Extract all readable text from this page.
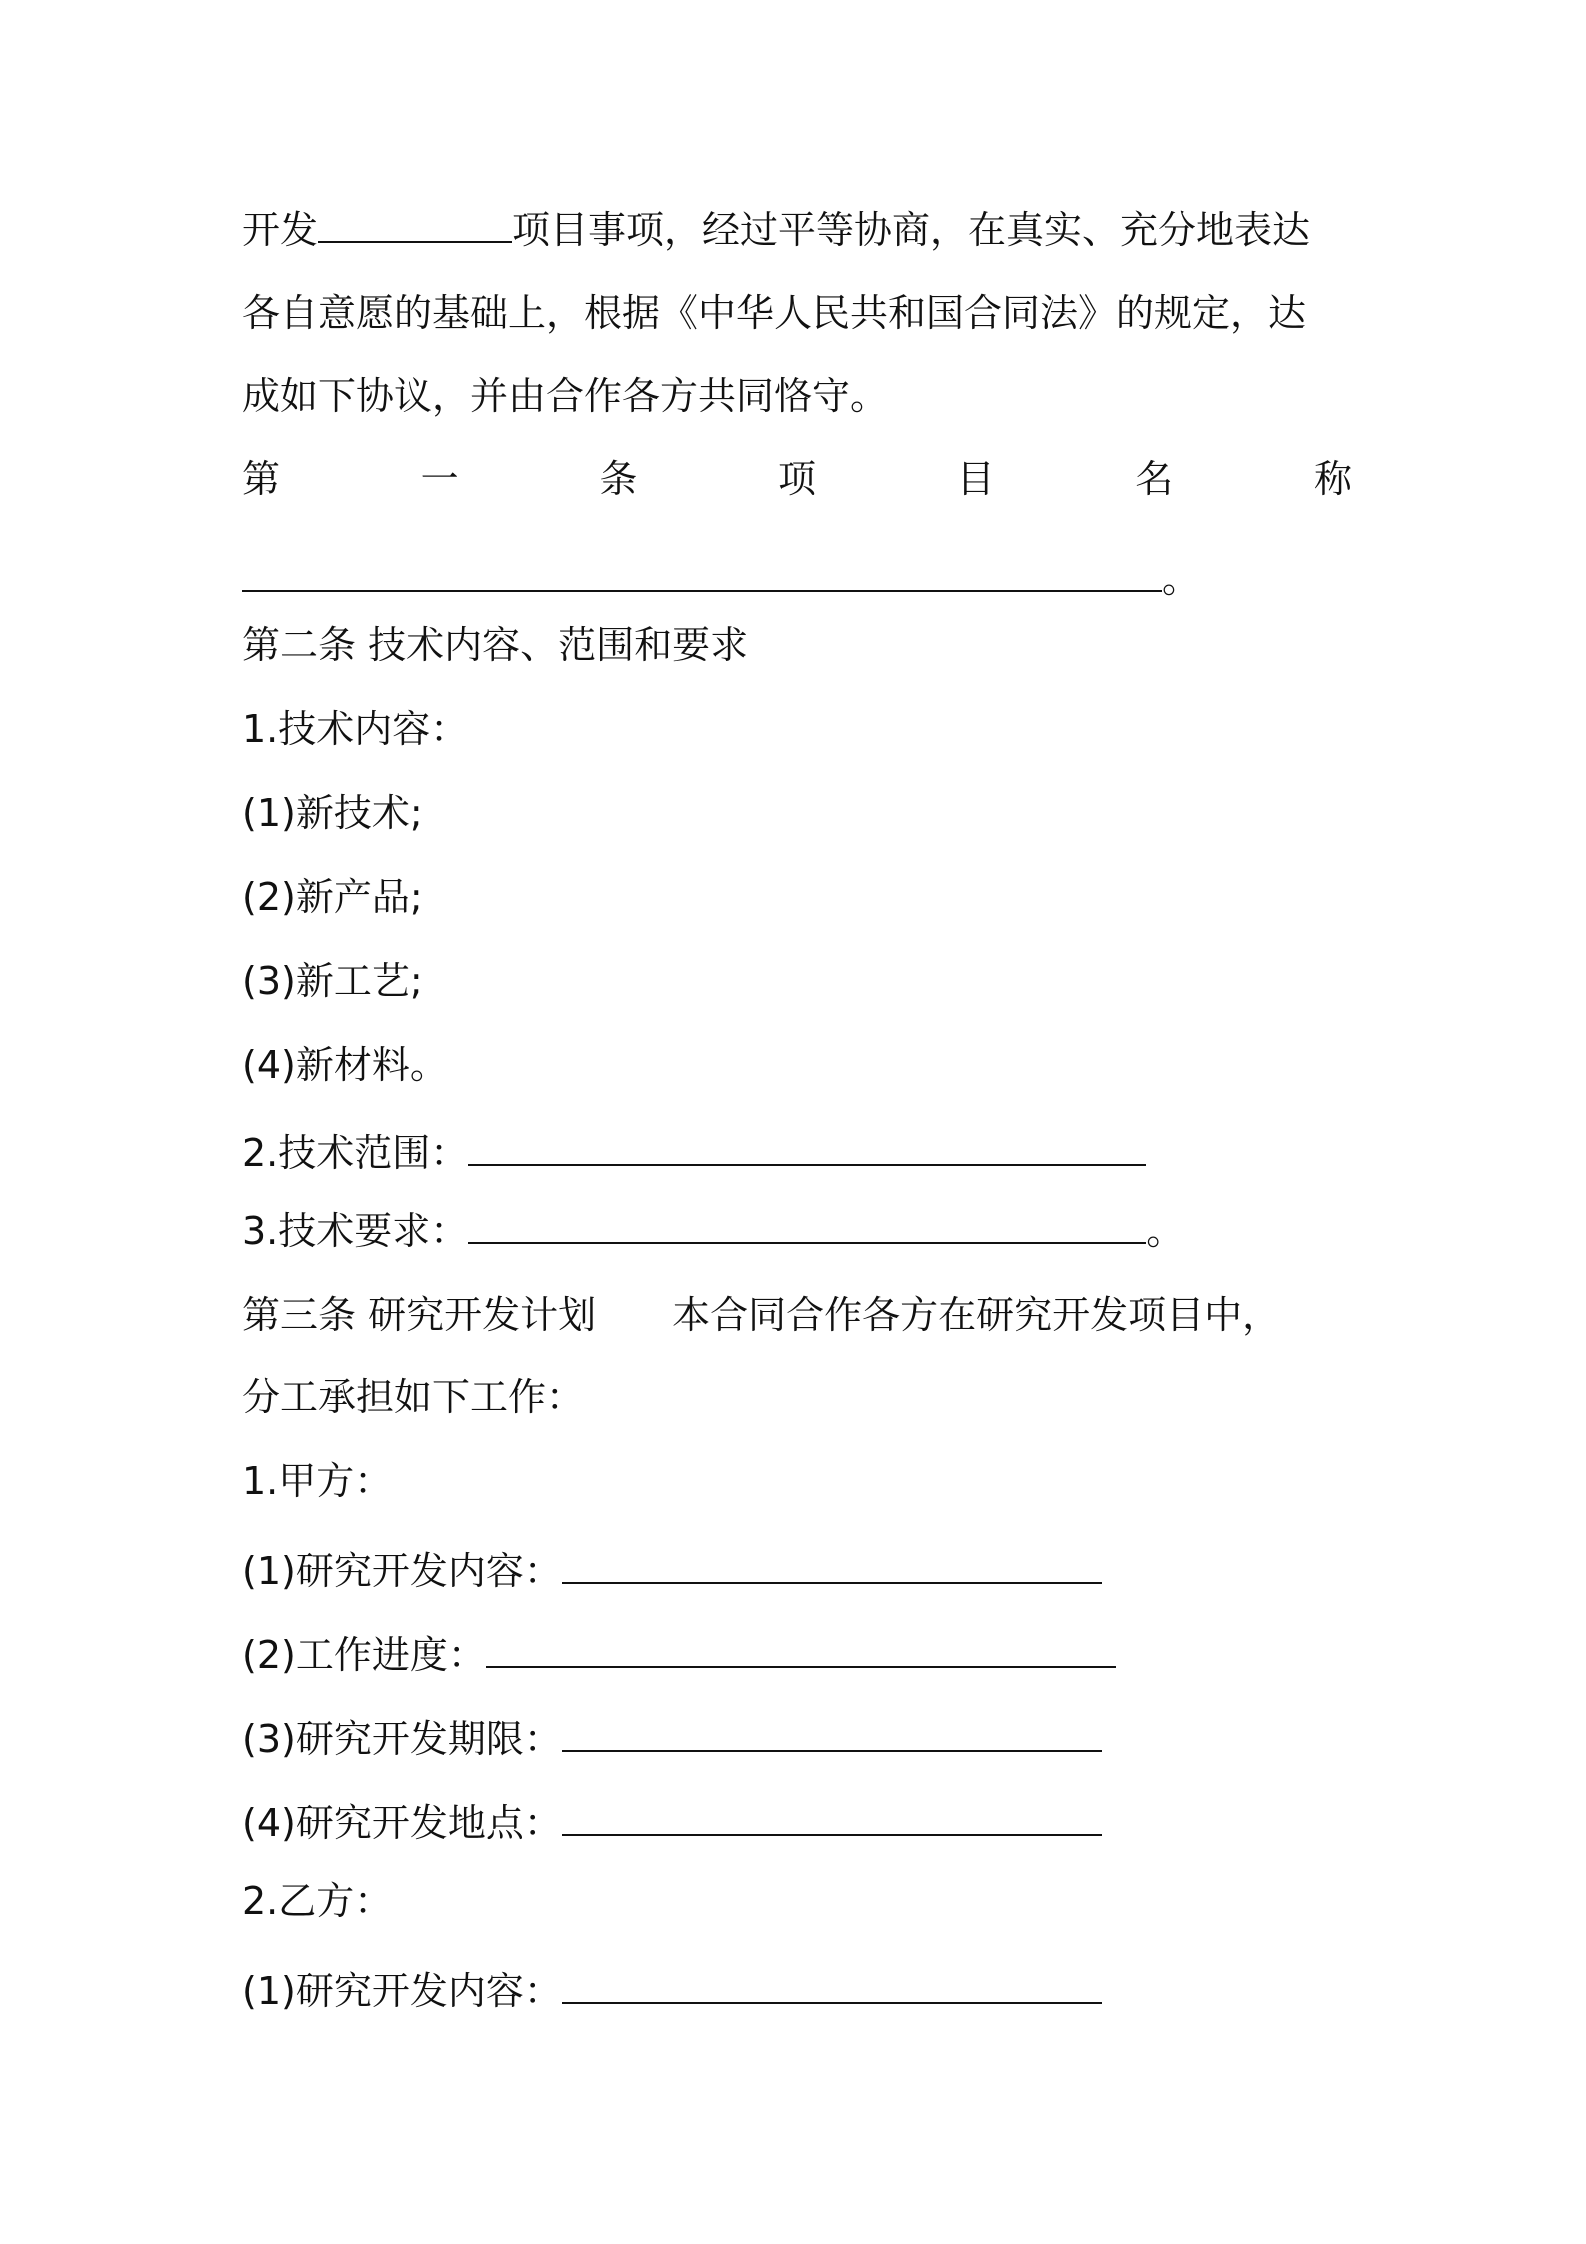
开发	项目事项，经过平等协商，在真实、充分地表达
各自意愿的基础上，根据《中华人民共和国合同法》的规定，达
成如下协议，并由合作各方共同恪守。
第	一	条	项	目	名	称
。
第二条 技术内容、范围和要求
1.技术内容：
(1)新技术;
(2)新产品;
(3)新工艺;
(4)新材料。
2.技术范围：
3.技术要求：	。
第三条 研究开发计划 本合同合作各方在研究开发项目中，
分工承担如下工作：
1.甲方：
(1)研究开发内容：
(2)工作进度：
(3)研究开发期限：
(4)研究开发地点：
2.乙方：
(1)研究开发内容：
